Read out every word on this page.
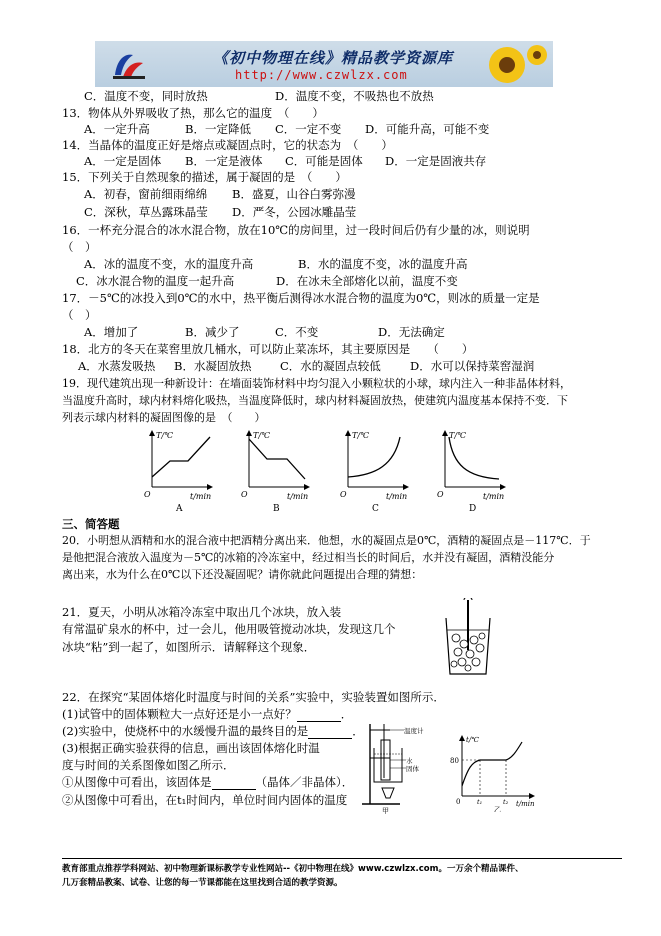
《初中物理在线》精品教学资源库
http://www.czwlzx.com
C．温度不变，同时放热	D．温度不变，不吸热也不放热
13．物体从外界吸收了热，那么它的温度　（　　）
A．一定升高	B．一定降低 C．一定不变 D．可能升高，可能不变
14．当晶体的温度正好是熔点或凝固点时，它的状态为　（　　）
A．一定是固体 B．一定是液体 C．可能是固体 D．一定是固液共存
15．下列关于自然现象的描述，属于凝固的是　（　　）
A．初春，窗前细雨绵绵 B．盛夏，山谷白雾弥漫
C．深秋，草丛露珠晶莹 D．严冬，公园冰雕晶莹
16．一杯充分混合的冰水混合物，放在10℃的房间里，过一段时间后仍有少量的冰，则说明
（　）
A．冰的温度不变，水的温度升高	B．水的温度不变，冰的温度升高
C．冰水混合物的温度一起升高	D．在冰未全部熔化以前，温度不变
17．－5℃的冰投入到0℃的水中，热平衡后测得冰水混合物的温度为0℃，则冰的质量一定是
（　）
A．增加了	B．减少了	C．不变	D．无法确定
18．北方的冬天在菜窖里放几桶水，可以防止菜冻坏，其主要原因是　　（　　）
A．水蒸发吸热 B．水凝固放热 C．水的凝固点较低	D．水可以保持菜窖湿润
19．现代建筑出现一种新设计：在墙面装饰材料中均匀混入小颗粒状的小球，球内注入一种非晶体材料，
当温度升高时，球内材料熔化吸热，当温度降低时，球内材料凝固放热，使建筑内温度基本保持不变．下
列表示球内材料的凝固图像的是　（　　）
T/℃
t/min
O
A
T/℃
t/min
O
B
T/℃
t/min
O
C
T/℃
t/min
O
D
三、简答题
20．小明想从酒精和水的混合液中把酒精分离出来．他想，水的凝固点是0℃，酒精的凝固点是－117℃．于
是他把混合液放入温度为－5℃的冰箱的冷冻室中，经过相当长的时间后，水并没有凝固，酒精没能分
离出来，水为什么在0℃以下还没凝固呢？请你就此问题提出合理的猜想：
21．夏天，小明从冰箱冷冻室中取出几个冰块，放入装
有常温矿泉水的杯中，过一会儿，他用吸管搅动冰块，发现这几个
冰块“粘”到一起了，如图所示．请解释这个现象．
22．在探究“某固体熔化时温度与时间的关系”实验中，实验装置如图所示．
(1)试管中的固体颗粒大一点好还是小一点好？	．
(2)实验中，使烧杯中的水缓慢升温的最终目的是	．
(3)根据正确实验获得的信息，画出该固体熔化时温
度与时间的关系图像如图乙所示．
①从图像中可看出，该固体是	（晶体／非晶体）．
②从图像中可看出，在t₁时间内，单位时间内固体的温度
温度计
水
固体
甲
t/℃
t/min
0
80
t₁	t₂
乙
教育部重点推荐学科网站、初中物理新课标教学专业性网站--《初中物理在线》www.czwlzx.com。一万余个精品课件、
几万套精品教案、试卷、让您的每一节课都能在这里找到合适的教学资源。
